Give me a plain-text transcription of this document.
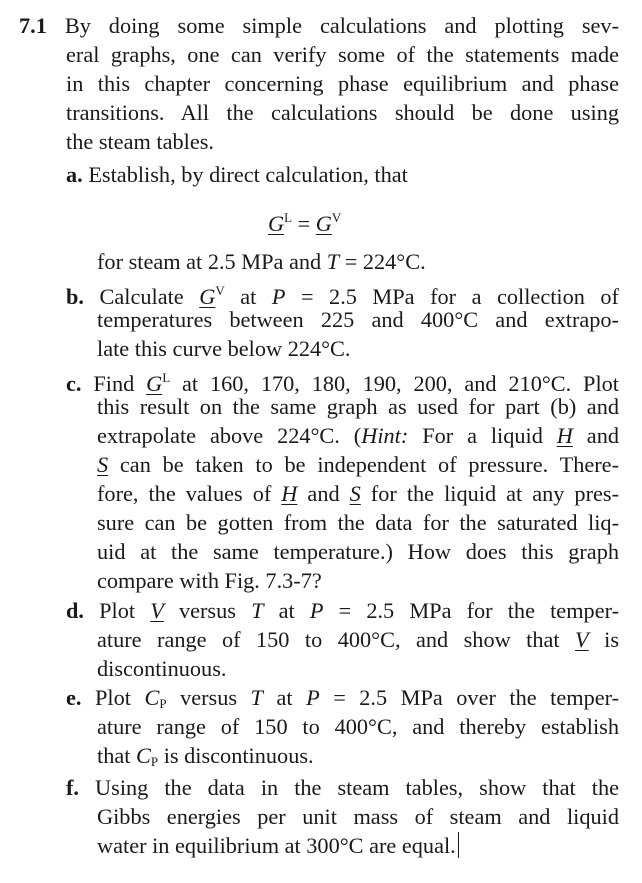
7.1 By doing some simple calculations and plotting sev-
eral graphs, one can verify some of the statements made
in this chapter concerning phase equilibrium and phase
transitions. All the calculations should be done using
the steam tables.
a. Establish, by direct calculation, that
$G^L = G^V$
for steam at 2.5 MPa and T = 224°C.
b. Calculate $G^V$ at P = 2.5 MPa for a collection of
temperatures between 225 and 400°C and extrapo-
late this curve below 224°C.
c. Find $G^L$ at 160, 170, 180, 190, 200, and 210°C. Plot
this result on the same graph as used for part (b) and
extrapolate above 224°C. (Hint: For a liquid H and
S can be taken to be independent of pressure. There-
fore, the values of H and S for the liquid at any pres-
sure can be gotten from the data for the saturated liq-
uid at the same temperature.) How does this graph
compare with Fig. 7.3-7?
d. Plot V versus T at P = 2.5 MPa for the temper-
ature range of 150 to 400°C, and show that V is
discontinuous.
e. Plot $C_P$ versus T at P = 2.5 MPa over the temper-
ature range of 150 to 400°C, and thereby establish
that $C_P$ is discontinuous.
f. Using the data in the steam tables, show that the
Gibbs energies per unit mass of steam and liquid
water in equilibrium at 300°C are equal.
